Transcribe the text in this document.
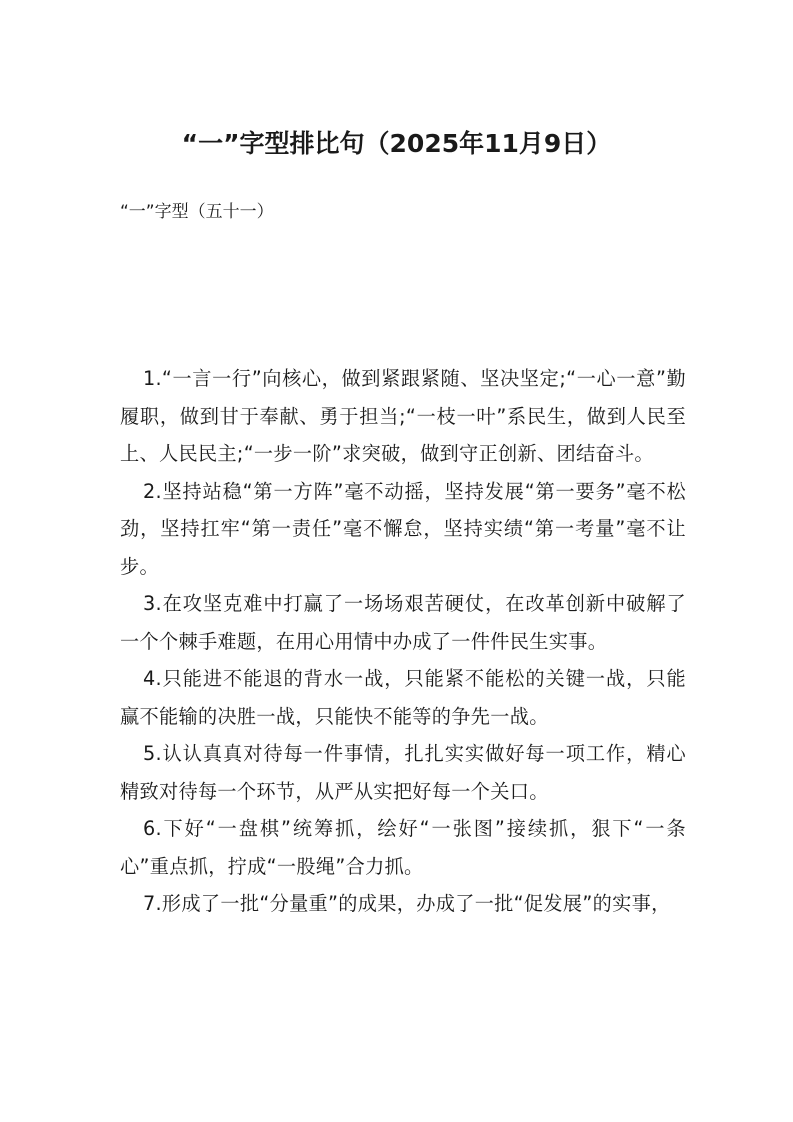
“一”字型排比句（2025年11月9日）

“一”字型（五十一）

1.“一言一行”向核心，做到紧跟紧随、坚决坚定;“一心一意”勤履职，做到甘于奉献、勇于担当;“一枝一叶”系民生，做到人民至上、人民民主;“一步一阶”求突破，做到守正创新、团结奋斗。

2.坚持站稳“第一方阵”毫不动摇，坚持发展“第一要务”毫不松劲，坚持扛牢“第一责任”毫不懈怠，坚持实绩“第一考量”毫不让步。

3.在攻坚克难中打赢了一场场艰苦硬仗，在改革创新中破解了一个个棘手难题，在用心用情中办成了一件件民生实事。

4.只能进不能退的背水一战，只能紧不能松的关键一战，只能赢不能输的决胜一战，只能快不能等的争先一战。

5.认认真真对待每一件事情，扎扎实实做好每一项工作，精心精致对待每一个环节，从严从实把好每一个关口。

6.下好“一盘棋”统筹抓，绘好“一张图”接续抓，狠下“一条心”重点抓，拧成“一股绳”合力抓。

7.形成了一批“分量重”的成果，办成了一批“促发展”的实事，
